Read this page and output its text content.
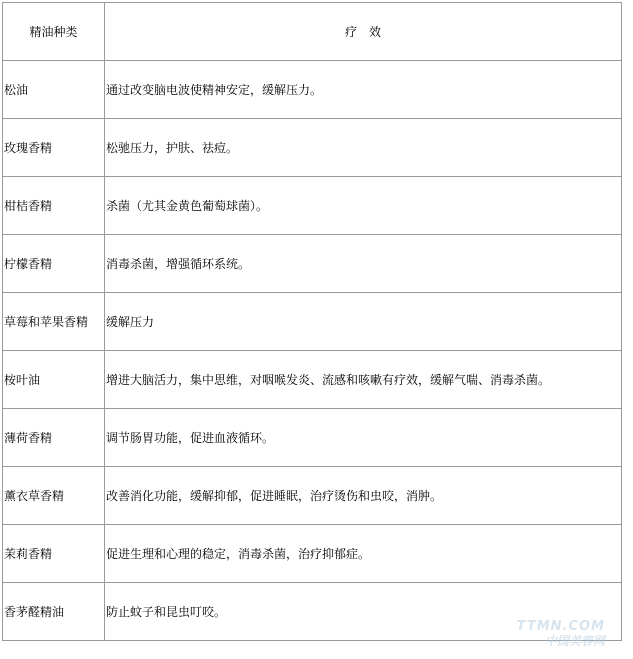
精油种类	疗　效
松油	通过改变脑电波使精神安定，缓解压力。
玫瑰香精	松驰压力，护肤、祛痘。
柑桔香精	杀菌（尤其金黄色葡萄球菌）。
柠檬香精	消毒杀菌，增强循环系统。
草莓和苹果香精	缓解压力
桉叶油	增进大脑活力，集中思维，对咽喉发炎、流感和咳嗽有疗效，缓解气喘、消毒杀菌。
薄荷香精	调节肠胃功能，促进血液循环。
薰衣草香精	改善消化功能，缓解抑郁，促进睡眠，治疗烫伤和虫咬，消肿。
茉莉香精	促进生理和心理的稳定，消毒杀菌，治疗抑郁症。
香茅醛精油	防止蚊子和昆虫叮咬。
TTMN.COM
中国美容网
